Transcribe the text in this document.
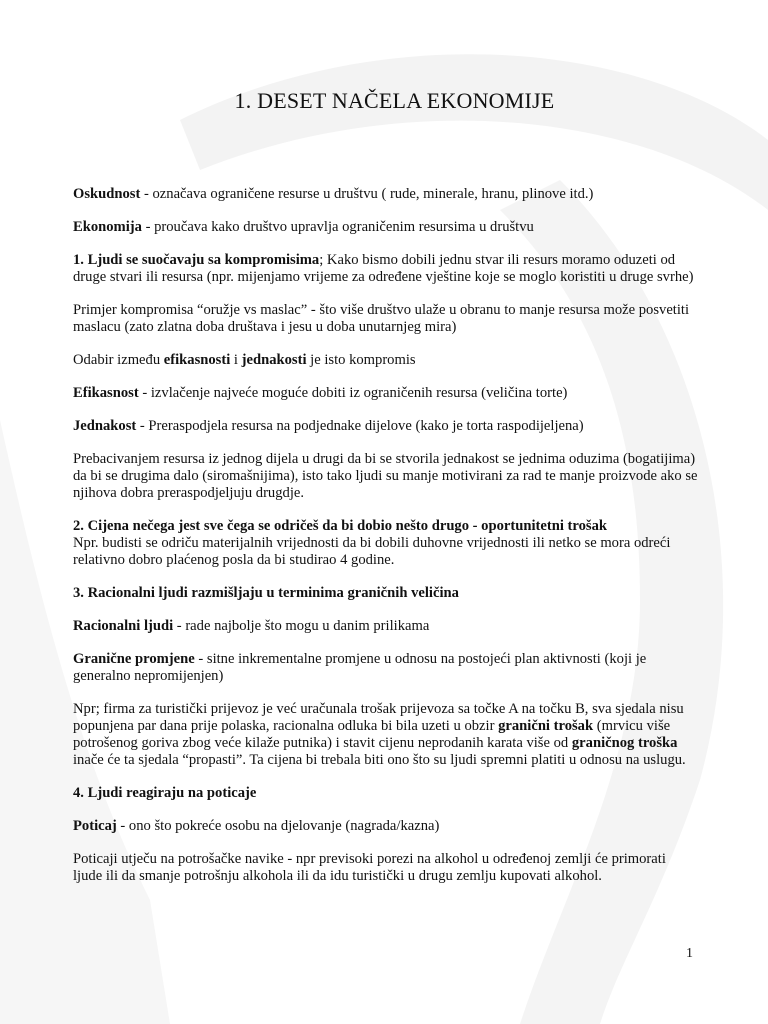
1. DESET NAČELA EKONOMIJE

Oskudnost - označava ograničene resurse u društvu ( rude, minerale, hranu, plinove itd.)

Ekonomija - proučava kako društvo upravlja ograničenim resursima u društvu

1. Ljudi se suočavaju sa kompromisima; Kako bismo dobili jednu stvar ili resurs moramo oduzeti od druge stvari ili resursa (npr. mijenjamo vrijeme za određene vještine koje se moglo koristiti u druge svrhe)

Primjer kompromisa “oružje vs maslac” - što više društvo ulaže u obranu to manje resursa može posvetiti maslacu (zato zlatna doba društava i jesu u doba unutarnjeg mira)

Odabir između efikasnosti i jednakosti je isto kompromis

Efikasnost - izvlačenje najveće moguće dobiti iz ograničenih resursa (veličina torte)

Jednakost - Preraspodjela resursa na podjednake dijelove (kako je torta raspodijeljena)

Prebacivanjem resursa iz jednog dijela u drugi da bi se stvorila jednakost se jednima oduzima (bogatijima) da bi se drugima dalo (siromašnijima), isto tako ljudi su manje motivirani za rad te manje proizvode ako se njihova dobra preraspodjeljuju drugdje.

2. Cijena nečega jest sve čega se odričeš da bi dobio nešto drugo - oportunitetni trošak
Npr. budisti se odriču materijalnih vrijednosti da bi dobili duhovne vrijednosti ili netko se mora odreći relativno dobro plaćenog posla da bi studirao 4 godine.

3. Racionalni ljudi razmišljaju u terminima graničnih veličina

Racionalni ljudi - rade najbolje što mogu u danim prilikama

Granične promjene - sitne inkrementalne promjene u odnosu na postojeći plan aktivnosti (koji je generalno nepromijenjen)

Npr; firma za turistički prijevoz je već uračunala trošak prijevoza sa točke A na točku B, sva sjedala nisu popunjena par dana prije polaska, racionalna odluka bi bila uzeti u obzir granični trošak (mrvicu više potrošenog goriva zbog veće kilaže putnika) i stavit cijenu neprodanih karata više od graničnog troška inače će ta sjedala “propasti”. Ta cijena bi trebala biti ono što su ljudi spremni platiti u odnosu na uslugu.

4. Ljudi reagiraju na poticaje

Poticaj - ono što pokreće osobu na djelovanje (nagrada/kazna)

Poticaji utječu na potrošačke navike - npr previsoki porezi na alkohol u određenoj zemlji će primorati ljude ili da smanje potrošnju alkohola ili da idu turistički u drugu zemlju kupovati alkohol.

1
